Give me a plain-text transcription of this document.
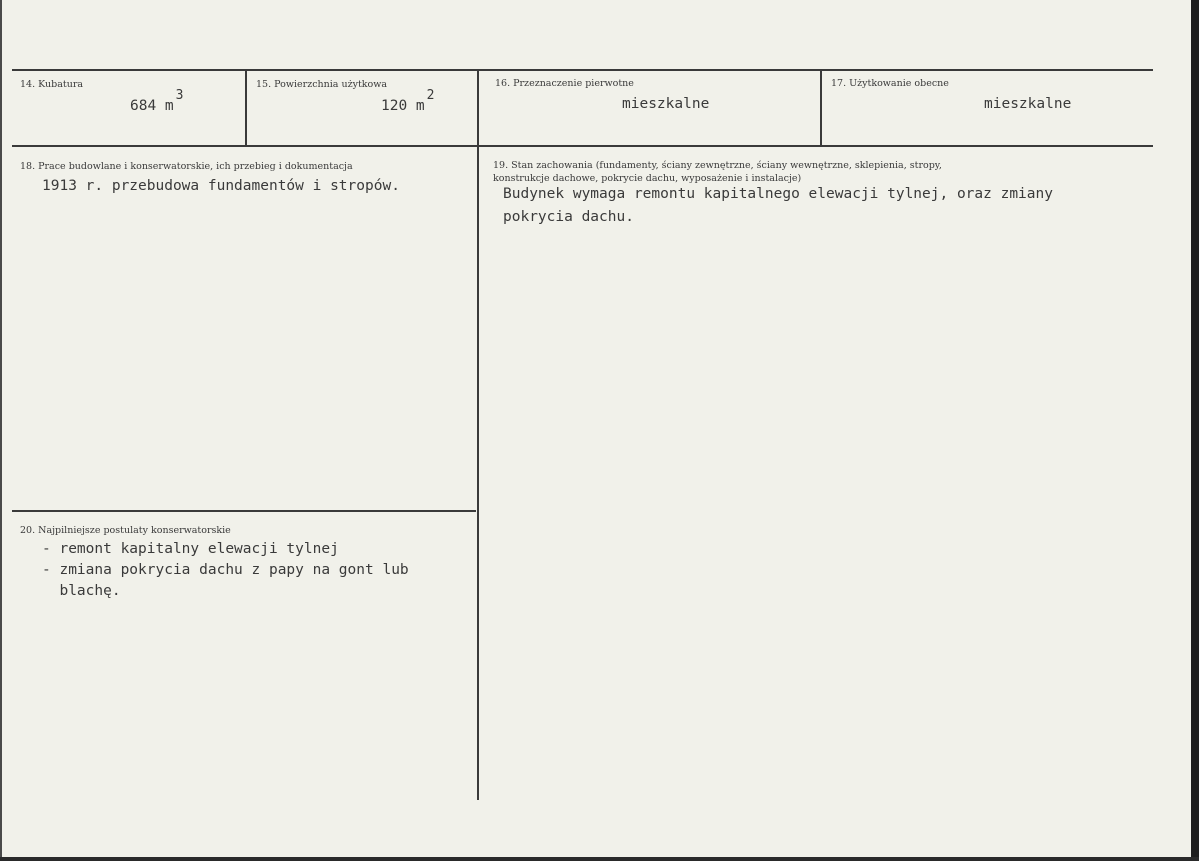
14. Kubatura
684 m3
15. Powierzchnia użytkowa
120 m2
16. Przeznaczenie pierwotne
mieszkalne
17. Użytkowanie obecne
mieszkalne
18. Prace budowlane i konserwatorskie, ich przebieg i dokumentacja
1913 r. przebudowa fundamentów i stropów.
19. Stan zachowania (fundamenty, ściany zewnętrzne, ściany wewnętrzne, sklepienia, stropy,
konstrukcje dachowe, pokrycie dachu, wyposażenie i instalacje)
Budynek wymaga remontu kapitalnego elewacji tylnej, oraz zmiany
pokrycia dachu.
20. Najpilniejsze postulaty konserwatorskie
- remont kapitalny elewacji tylnej
- zmiana pokrycia dachu z papy na gont lub
blachę.
